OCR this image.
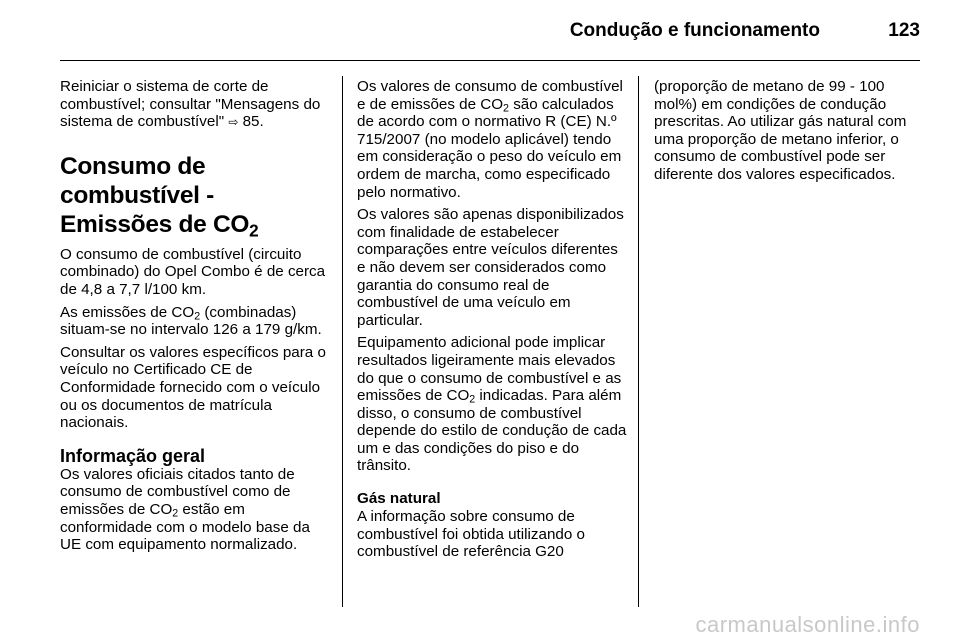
Condução e funcionamento	123

Reiniciar o sistema de corte de combustível; consultar "Mensagens do sistema de combustível" ⇨ 85.

Consumo de combustível - Emissões de $CO_2$

O consumo de combustível (circuito combinado) do Opel Combo é de cerca de 4,8 a 7,7 l/100 km.

As emissões de $CO_2$ (combinadas) situam-se no intervalo 126 a 179 g/km.

Consultar os valores específicos para o veículo no Certificado CE de Conformidade fornecido com o veículo ou os documentos de matrícula nacionais.

Informação geral

Os valores oficiais citados tanto de consumo de combustível como de emissões de $CO_2$ estão em conformidade com o modelo base da UE com equipamento normalizado.

Os valores de consumo de combustível e de emissões de $CO_2$ são calculados de acordo com o normativo R (CE) N.º 715/2007 (no modelo aplicável) tendo em consideração o peso do veículo em ordem de marcha, como especificado pelo normativo.

Os valores são apenas disponibilizados com finalidade de estabelecer comparações entre veículos diferentes e não devem ser considerados como garantia do consumo real de combustível de uma veículo em particular.

Equipamento adicional pode implicar resultados ligeiramente mais elevados do que o consumo de combustível e as emissões de $CO_2$ indicadas. Para além disso, o consumo de combustível depende do estilo de condução de cada um e das condições do piso e do trânsito.

Gás natural

A informação sobre consumo de combustível foi obtida utilizando o combustível de referência G20

(proporção de metano de 99 - 100 mol%) em condições de condução prescritas. Ao utilizar gás natural com uma proporção de metano inferior, o consumo de combustível pode ser diferente dos valores especificados.

carmanualsonline.info
